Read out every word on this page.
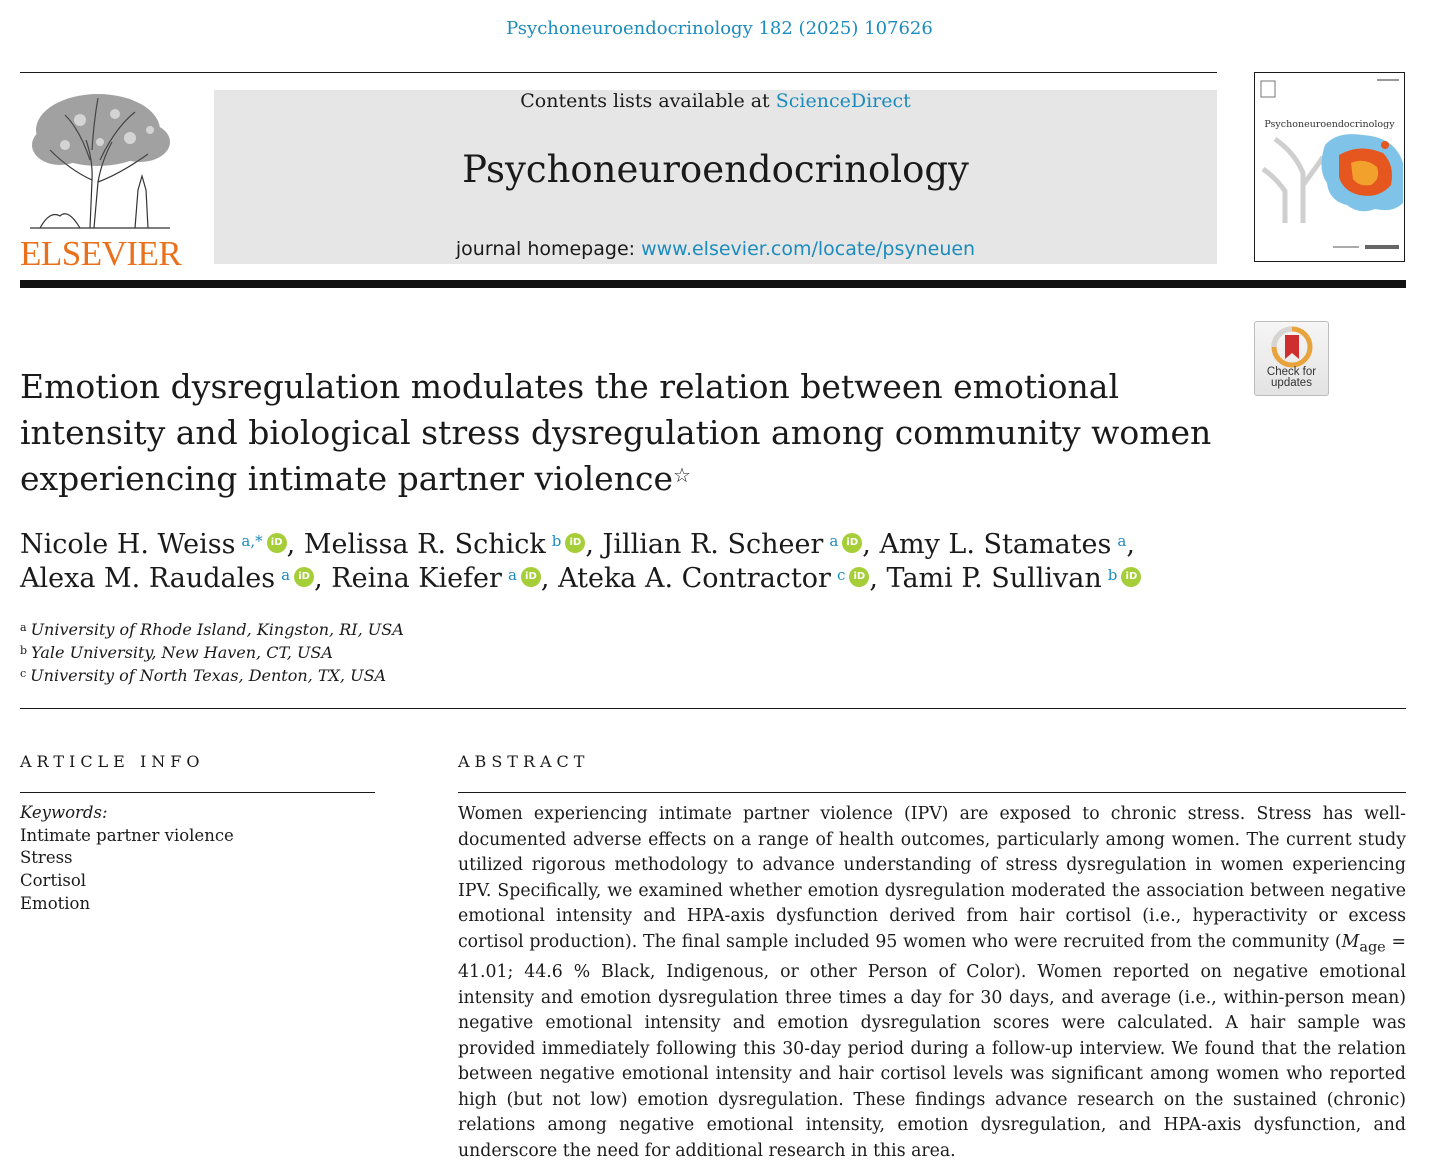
Psychoneuroendocrinology 182 (2025) 107626
ELSEVIER
Contents lists available at ScienceDirect
Psychoneuroendocrinology
journal homepage: www.elsevier.com/locate/psyneuen
Psychoneuroendocrinology
Check for
updates
Emotion dysregulation modulates the relation between emotional intensity and biological stress dysregulation among community women experiencing intimate partner violence☆
Nicole H. Weiss $^{a,*}$ iD , Melissa R. Schick $^b$ iD , Jillian R. Scheer $^a$ iD , Amy L. Stamates $^a$,
Alexa M. Raudales $^a$ iD , Reina Kiefer $^a$ iD , Ateka A. Contractor $^c$ iD , Tami P. Sullivan $^b$ iD
$^a$ University of Rhode Island, Kingston, RI, USA
$^b$ Yale University, New Haven, CT, USA
$^c$ University of North Texas, Denton, TX, USA
ARTICLE INFO
Keywords:
Intimate partner violence
Stress
Cortisol
Emotion
ABSTRACT
Women experiencing intimate partner violence (IPV) are exposed to chronic stress. Stress has well-documented adverse effects on a range of health outcomes, particularly among women. The current study utilized rigorous methodology to advance understanding of stress dysregulation in women experiencing IPV. Specifically, we examined whether emotion dysregulation moderated the association between negative emotional intensity and HPA-axis dysfunction derived from hair cortisol (i.e., hyperactivity or excess cortisol production). The final sample included 95 women who were recruited from the community ($M_{age} = 41.01$; 44.6 % Black, Indigenous, or other Person of Color). Women reported on negative emotional intensity and emotion dysregulation three times a day for 30 days, and average (i.e., within-person mean) negative emotional intensity and emotion dysregulation scores were calculated. A hair sample was provided immediately following this 30-day period during a follow-up interview. We found that the relation between negative emotional intensity and hair cortisol levels was significant among women who reported high (but not low) emotion dysregulation. These findings advance research on the sustained (chronic) relations among negative emotional intensity, emotion dysregulation, and HPA-axis dysfunction, and underscore the need for additional research in this area.
